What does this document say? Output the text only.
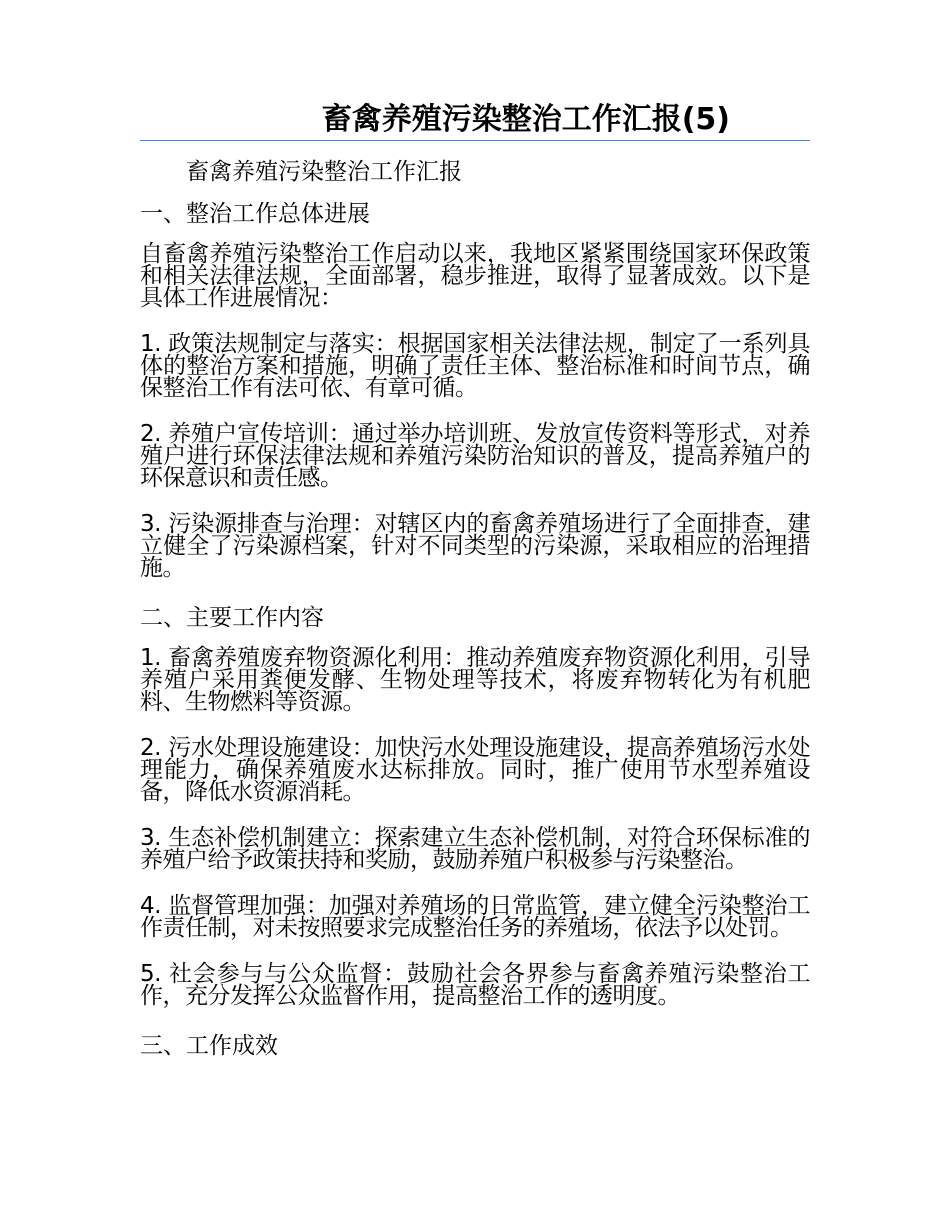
畜禽养殖污染整治工作汇报(5)
畜禽养殖污染整治工作汇报
一、整治工作总体进展

自畜禽养殖污染整治工作启动以来，我地区紧紧围绕国家环保政策和相关法律法规，全面部署，稳步推进，取得了显著成效。以下是具体工作进展情况：

1. 政策法规制定与落实：根据国家相关法律法规，制定了一系列具体的整治方案和措施，明确了责任主体、整治标准和时间节点，确保整治工作有法可依、有章可循。

2. 养殖户宣传培训：通过举办培训班、发放宣传资料等形式，对养殖户进行环保法律法规和养殖污染防治知识的普及，提高养殖户的环保意识和责任感。

3. 污染源排查与治理：对辖区内的畜禽养殖场进行了全面排查，建立健全了污染源档案，针对不同类型的污染源，采取相应的治理措施。

二、主要工作内容

1. 畜禽养殖废弃物资源化利用：推动养殖废弃物资源化利用，引导养殖户采用粪便发酵、生物处理等技术，将废弃物转化为有机肥料、生物燃料等资源。

2. 污水处理设施建设：加快污水处理设施建设，提高养殖场污水处理能力，确保养殖废水达标排放。同时，推广使用节水型养殖设备，降低水资源消耗。

3. 生态补偿机制建立：探索建立生态补偿机制，对符合环保标准的养殖户给予政策扶持和奖励，鼓励养殖户积极参与污染整治。

4. 监督管理加强：加强对养殖场的日常监管，建立健全污染整治工作责任制，对未按照要求完成整治任务的养殖场，依法予以处罚。

5. 社会参与与公众监督：鼓励社会各界参与畜禽养殖污染整治工作，充分发挥公众监督作用，提高整治工作的透明度。

三、工作成效
